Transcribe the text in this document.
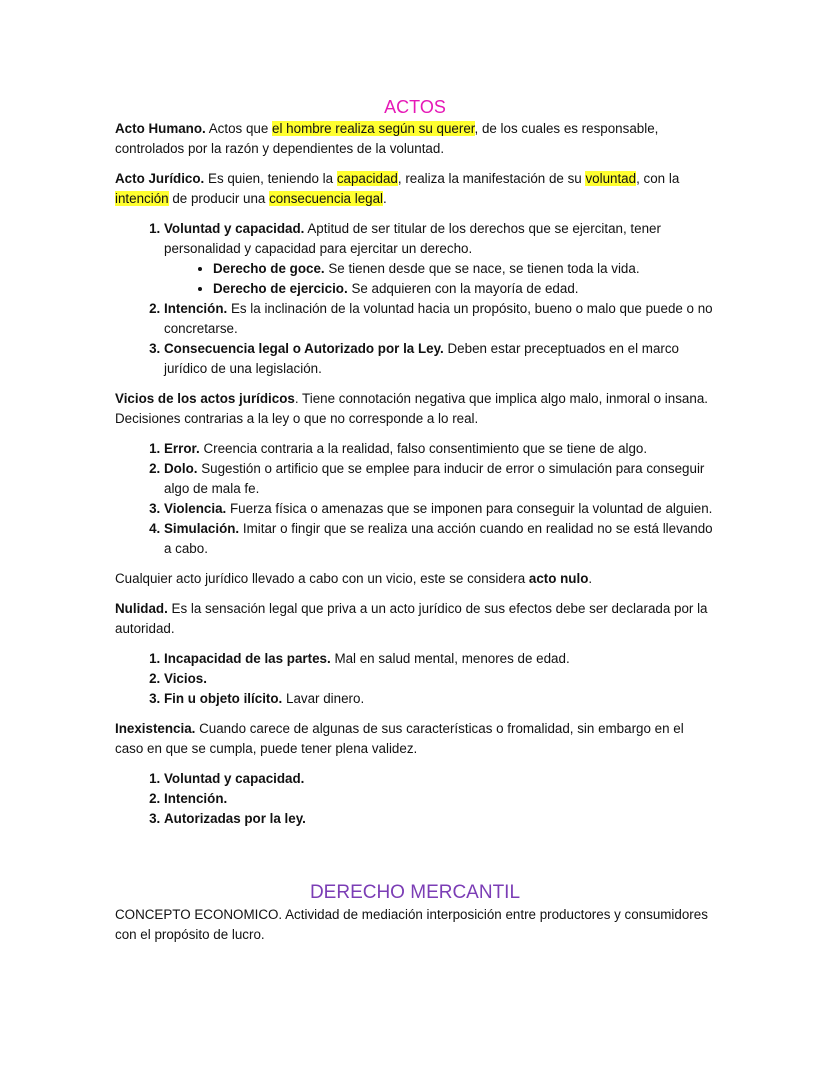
ACTOS

Acto Humano. Actos que el hombre realiza según su querer, de los cuales es responsable, controlados por la razón y dependientes de la voluntad.

Acto Jurídico. Es quien, teniendo la capacidad, realiza la manifestación de su voluntad, con la intención de producir una consecuencia legal.

1. Voluntad y capacidad. Aptitud de ser titular de los derechos que se ejercitan, tener personalidad y capacidad para ejercitar un derecho.
• Derecho de goce. Se tienen desde que se nace, se tienen toda la vida.
• Derecho de ejercicio. Se adquieren con la mayoría de edad.
2. Intención. Es la inclinación de la voluntad hacia un propósito, bueno o malo que puede o no concretarse.
3. Consecuencia legal o Autorizado por la Ley. Deben estar preceptuados en el marco jurídico de una legislación.

Vicios de los actos jurídicos. Tiene connotación negativa que implica algo malo, inmoral o insana. Decisiones contrarias a la ley o que no corresponde a lo real.

1. Error. Creencia contraria a la realidad, falso consentimiento que se tiene de algo.
2. Dolo. Sugestión o artificio que se emplee para inducir de error o simulación para conseguir algo de mala fe.
3. Violencia. Fuerza física o amenazas que se imponen para conseguir la voluntad de alguien.
4. Simulación. Imitar o fingir que se realiza una acción cuando en realidad no se está llevando a cabo.

Cualquier acto jurídico llevado a cabo con un vicio, este se considera acto nulo.

Nulidad. Es la sensación legal que priva a un acto jurídico de sus efectos debe ser declarada por la autoridad.

1. Incapacidad de las partes. Mal en salud mental, menores de edad.
2. Vicios.
3. Fin u objeto ilícito. Lavar dinero.

Inexistencia. Cuando carece de algunas de sus características o fromalidad, sin embargo en el caso en que se cumpla, puede tener plena validez.

1. Voluntad y capacidad.
2. Intención.
3. Autorizadas por la ley.
DERECHO MERCANTIL

CONCEPTO ECONOMICO. Actividad de mediación interposición entre productores y consumidores con el propósito de lucro.
